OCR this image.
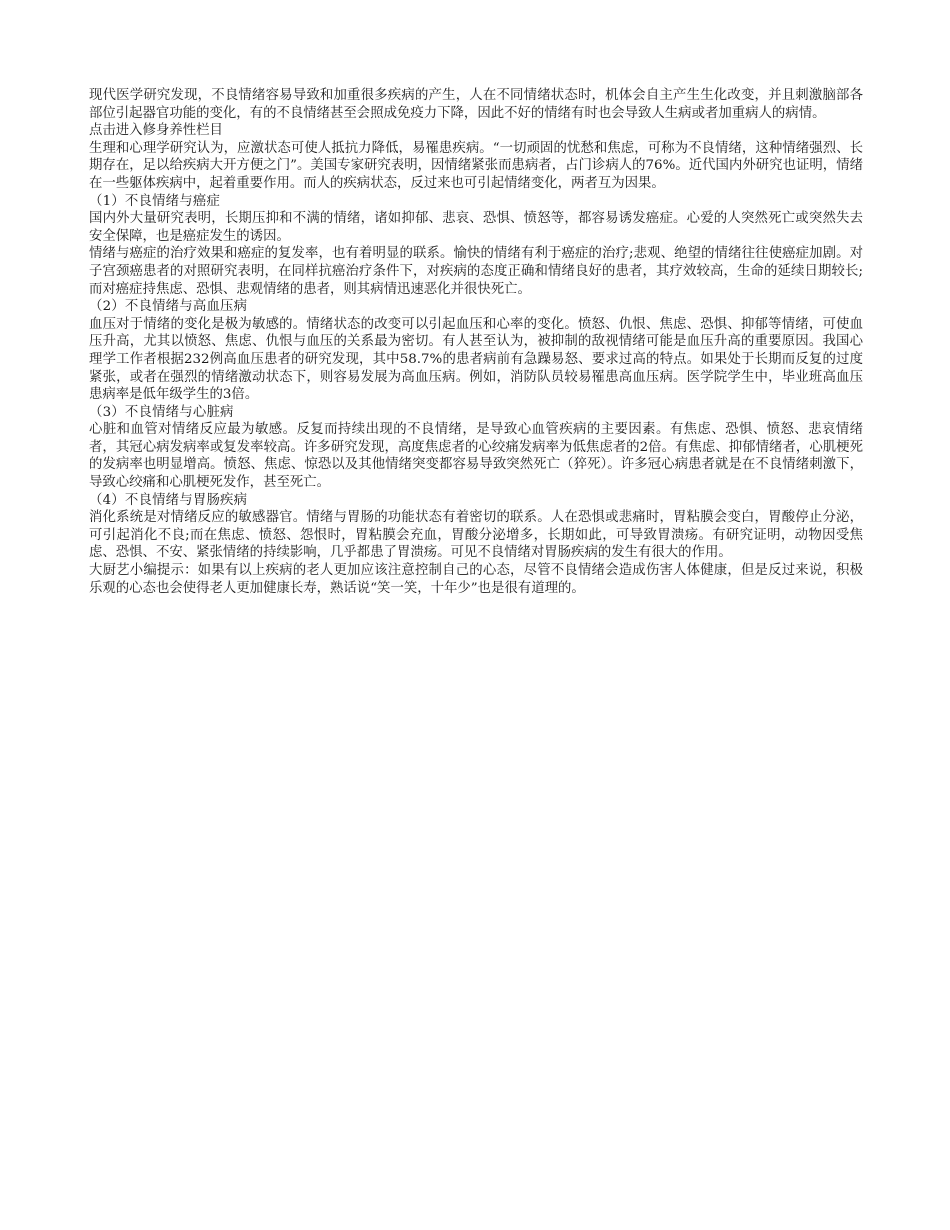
现代医学研究发现，不良情绪容易导致和加重很多疾病的产生，人在不同情绪状态时，机体会自主产生生化改变，并且刺激脑部各部位引起器官功能的变化，有的不良情绪甚至会照成免疫力下降，因此不好的情绪有时也会导致人生病或者加重病人的病情。

点击进入修身养性栏目

生理和心理学研究认为，应激状态可使人抵抗力降低，易罹患疾病。“一切顽固的忧愁和焦虑，可称为不良情绪，这种情绪强烈、长期存在，足以给疾病大开方便之门”。美国专家研究表明，因情绪紧张而患病者，占门诊病人的76%。近代国内外研究也证明，情绪在一些躯体疾病中，起着重要作用。而人的疾病状态，反过来也可引起情绪变化，两者互为因果。

（1）不良情绪与癌症

国内外大量研究表明，长期压抑和不满的情绪，诸如抑郁、悲哀、恐惧、愤怒等，都容易诱发癌症。心爱的人突然死亡或突然失去安全保障，也是癌症发生的诱因。

情绪与癌症的治疗效果和癌症的复发率，也有着明显的联系。愉快的情绪有利于癌症的治疗;悲观、绝望的情绪往往使癌症加剧。对子宫颈癌患者的对照研究表明，在同样抗癌治疗条件下，对疾病的态度正确和情绪良好的患者，其疗效较高，生命的延续日期较长;而对癌症持焦虑、恐惧、悲观情绪的患者，则其病情迅速恶化并很快死亡。

（2）不良情绪与高血压病

血压对于情绪的变化是极为敏感的。情绪状态的改变可以引起血压和心率的变化。愤怒、仇恨、焦虑、恐惧、抑郁等情绪，可使血压升高，尤其以愤怒、焦虑、仇恨与血压的关系最为密切。有人甚至认为，被抑制的敌视情绪可能是血压升高的重要原因。我国心理学工作者根据232例高血压患者的研究发现，其中58.7%的患者病前有急躁易怒、要求过高的特点。如果处于长期而反复的过度紧张，或者在强烈的情绪激动状态下，则容易发展为高血压病。例如，消防队员较易罹患高血压病。医学院学生中，毕业班高血压患病率是低年级学生的3倍。

（3）不良情绪与心脏病

心脏和血管对情绪反应最为敏感。反复而持续出现的不良情绪，是导致心血管疾病的主要因素。有焦虑、恐惧、愤怒、悲哀情绪者，其冠心病发病率或复发率较高。许多研究发现，高度焦虑者的心绞痛发病率为低焦虑者的2倍。有焦虑、抑郁情绪者，心肌梗死的发病率也明显增高。愤怒、焦虑、惊恐以及其他情绪突变都容易导致突然死亡（猝死）。许多冠心病患者就是在不良情绪刺激下，导致心绞痛和心肌梗死发作，甚至死亡。

（4）不良情绪与胃肠疾病

消化系统是对情绪反应的敏感器官。情绪与胃肠的功能状态有着密切的联系。人在恐惧或悲痛时，胃粘膜会变白，胃酸停止分泌，可引起消化不良;而在焦虑、愤怒、怨恨时，胃粘膜会充血，胃酸分泌增多，长期如此，可导致胃溃疡。有研究证明，动物因受焦虑、恐惧、不安、紧张情绪的持续影响，几乎都患了胃溃疡。可见不良情绪对胃肠疾病的发生有很大的作用。

大厨艺小编提示：如果有以上疾病的老人更加应该注意控制自己的心态，尽管不良情绪会造成伤害人体健康，但是反过来说，积极乐观的心态也会使得老人更加健康长寿，熟话说“笑一笑，十年少”也是很有道理的。
